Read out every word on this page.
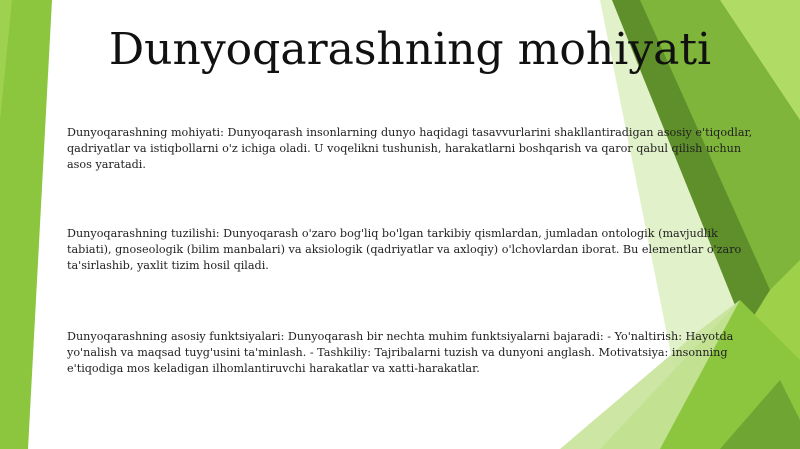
Dunyoqarashning mohiyati

Dunyoqarashning mohiyati: Dunyoqarash insonlarning dunyo haqidagi tasavvurlarini shakllantiradigan asosiy e'tiqodlar, qadriyatlar va istiqbollarni o'z ichiga oladi. U voqelikni tushunish, harakatlarni boshqarish va qaror qabul qilish uchun asos yaratadi.

Dunyoqarashning tuzilishi: Dunyoqarash o'zaro bog'liq bo'lgan tarkibiy qismlardan, jumladan ontologik (mavjudlik tabiati), gnoseologik (bilim manbalari) va aksiologik (qadriyatlar va axloqiy) o'lchovlardan iborat. Bu elementlar o'zaro ta'sirlashib, yaxlit tizim hosil qiladi.

Dunyoqarashning asosiy funktsiyalari: Dunyoqarash bir nechta muhim funktsiyalarni bajaradi: - Yo'naltirish: Hayotda yo'nalish va maqsad tuyg'usini ta'minlash. - Tashkiliy: Tajribalarni tuzish va dunyoni anglash. Motivatsiya: insonning e'tiqodiga mos keladigan ilhomlantiruvchi harakatlar va xatti-harakatlar.
